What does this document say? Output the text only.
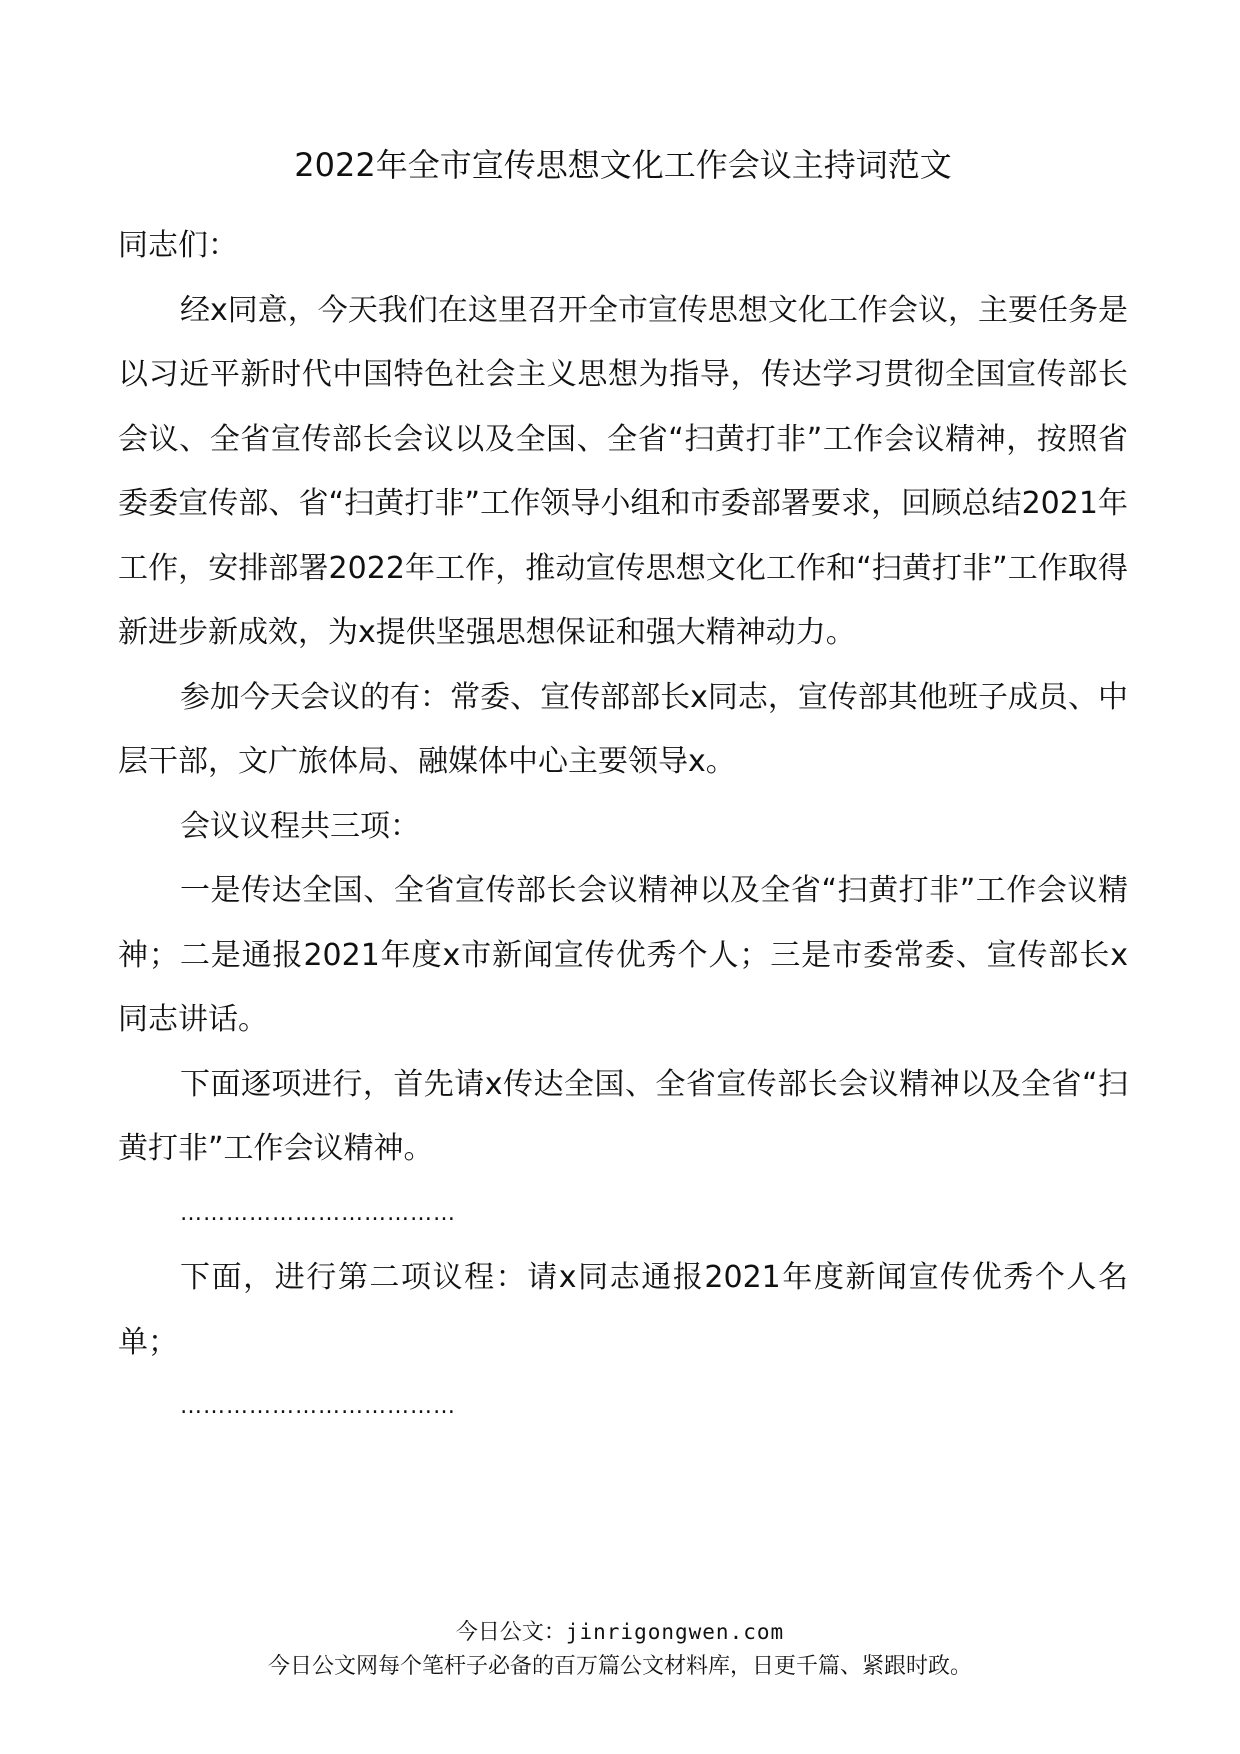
2022年全市宣传思想文化工作会议主持词范文

同志们：

经x同意，今天我们在这里召开全市宣传思想文化工作会议，主要任务是以习近平新时代中国特色社会主义思想为指导，传达学习贯彻全国宣传部长会议、全省宣传部长会议以及全国、全省“扫黄打非”工作会议精神，按照省委委宣传部、省“扫黄打非”工作领导小组和市委部署要求，回顾总结2021年工作，安排部署2022年工作，推动宣传思想文化工作和“扫黄打非”工作取得新进步新成效，为x提供坚强思想保证和强大精神动力。

参加今天会议的有：常委、宣传部部长x同志，宣传部其他班子成员、中层干部，文广旅体局、融媒体中心主要领导x。

会议议程共三项：

一是传达全国、全省宣传部长会议精神以及全省“扫黄打非”工作会议精神；二是通报2021年度x市新闻宣传优秀个人；三是市委常委、宣传部长x同志讲话。

下面逐项进行，首先请x传达全国、全省宣传部长会议精神以及全省“扫黄打非”工作会议精神。

………………………………

下面，进行第二项议程：请x同志通报2021年度新闻宣传优秀个人名单；

………………………………

今日公文：jinrigongwen.com
今日公文网每个笔杆子必备的百万篇公文材料库，日更千篇、紧跟时政。
